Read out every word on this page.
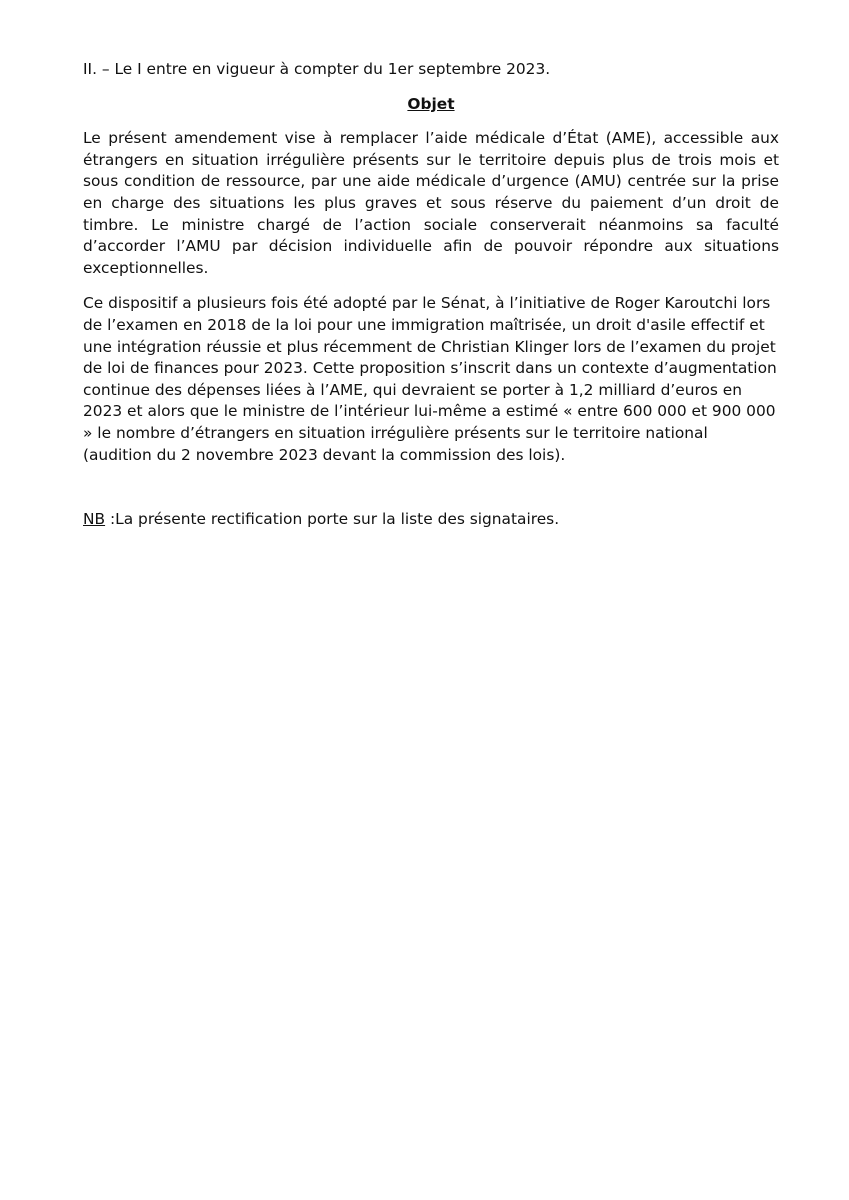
II. – Le I entre en vigueur à compter du 1er septembre 2023.

Objet

Le présent amendement vise à remplacer l’aide médicale d’État (AME), accessible aux étrangers en situation irrégulière présents sur le territoire depuis plus de trois mois et sous condition de ressource, par une aide médicale d’urgence (AMU) centrée sur la prise en charge des situations les plus graves et sous réserve du paiement d’un droit de timbre. Le ministre chargé de l’action sociale conserverait néanmoins sa faculté d’accorder l’AMU par décision individuelle afin de pouvoir répondre aux situations exceptionnelles.

Ce dispositif a plusieurs fois été adopté par le Sénat, à l’initiative de Roger Karoutchi lors de l’examen en 2018 de la loi pour une immigration maîtrisée, un droit d'asile effectif et une intégration réussie et plus récemment de Christian Klinger lors de l’examen du projet de loi de finances pour 2023. Cette proposition s’inscrit dans un contexte d’augmentation continue des dépenses liées à l’AME, qui devraient se porter à 1,2 milliard d’euros en 2023 et alors que le ministre de l’intérieur lui-même a estimé « entre 600 000 et 900 000 » le nombre d’étrangers en situation irrégulière présents sur le territoire national (audition du 2 novembre 2023 devant la commission des lois).

NB :La présente rectification porte sur la liste des signataires.
